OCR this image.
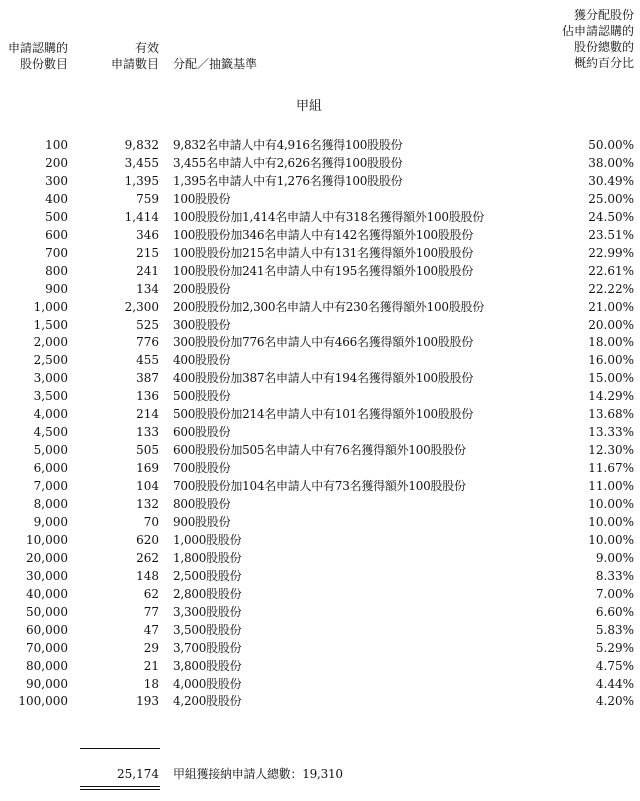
申請認購的
股份數目
有效
申請數目 分配／抽籤基準
獲分配股份
佔申請認購的
股份總數的
概約百分比
甲組
100	9,832 9,832名申請人中有4,916名獲得100股股份	50.00%
200	3,455 3,455名申請人中有2,626名獲得100股股份	38.00%
300	1,395 1,395名申請人中有1,276名獲得100股股份	30.49%
400	759 100股股份	25.00%
500	1,414 100股股份加1,414名申請人中有318名獲得額外100股股份	24.50%
600	346 100股股份加346名申請人中有142名獲得額外100股股份	23.51%
700	215 100股股份加215名申請人中有131名獲得額外100股股份	22.99%
800	241 100股股份加241名申請人中有195名獲得額外100股股份	22.61%
900	134 200股股份	22.22%
1,000	2,300 200股股份加2,300名申請人中有230名獲得額外100股股份	21.00%
1,500	525 300股股份	20.00%
2,000	776 300股股份加776名申請人中有466名獲得額外100股股份	18.00%
2,500	455 400股股份	16.00%
3,000	387 400股股份加387名申請人中有194名獲得額外100股股份	15.00%
3,500	136 500股股份	14.29%
4,000	214 500股股份加214名申請人中有101名獲得額外100股股份	13.68%
4,500	133 600股股份	13.33%
5,000	505 600股股份加505名申請人中有76名獲得額外100股股份	12.30%
6,000	169 700股股份	11.67%
7,000	104 700股股份加104名申請人中有73名獲得額外100股股份	11.00%
8,000	132 800股股份	10.00%
9,000	70 900股股份	10.00%
10,000	620 1,000股股份	10.00%
20,000	262 1,800股股份	9.00%
30,000	148 2,500股股份	8.33%
40,000	62 2,800股股份	7.00%
50,000	77 3,300股股份	6.60%
60,000	47 3,500股股份	5.83%
70,000	29 3,700股股份	5.29%
80,000	21 3,800股股份	4.75%
90,000	18 4,000股股份	4.44%
100,000	193 4,200股股份	4.20%
25,174 甲組獲接納申請人總數：19,310
